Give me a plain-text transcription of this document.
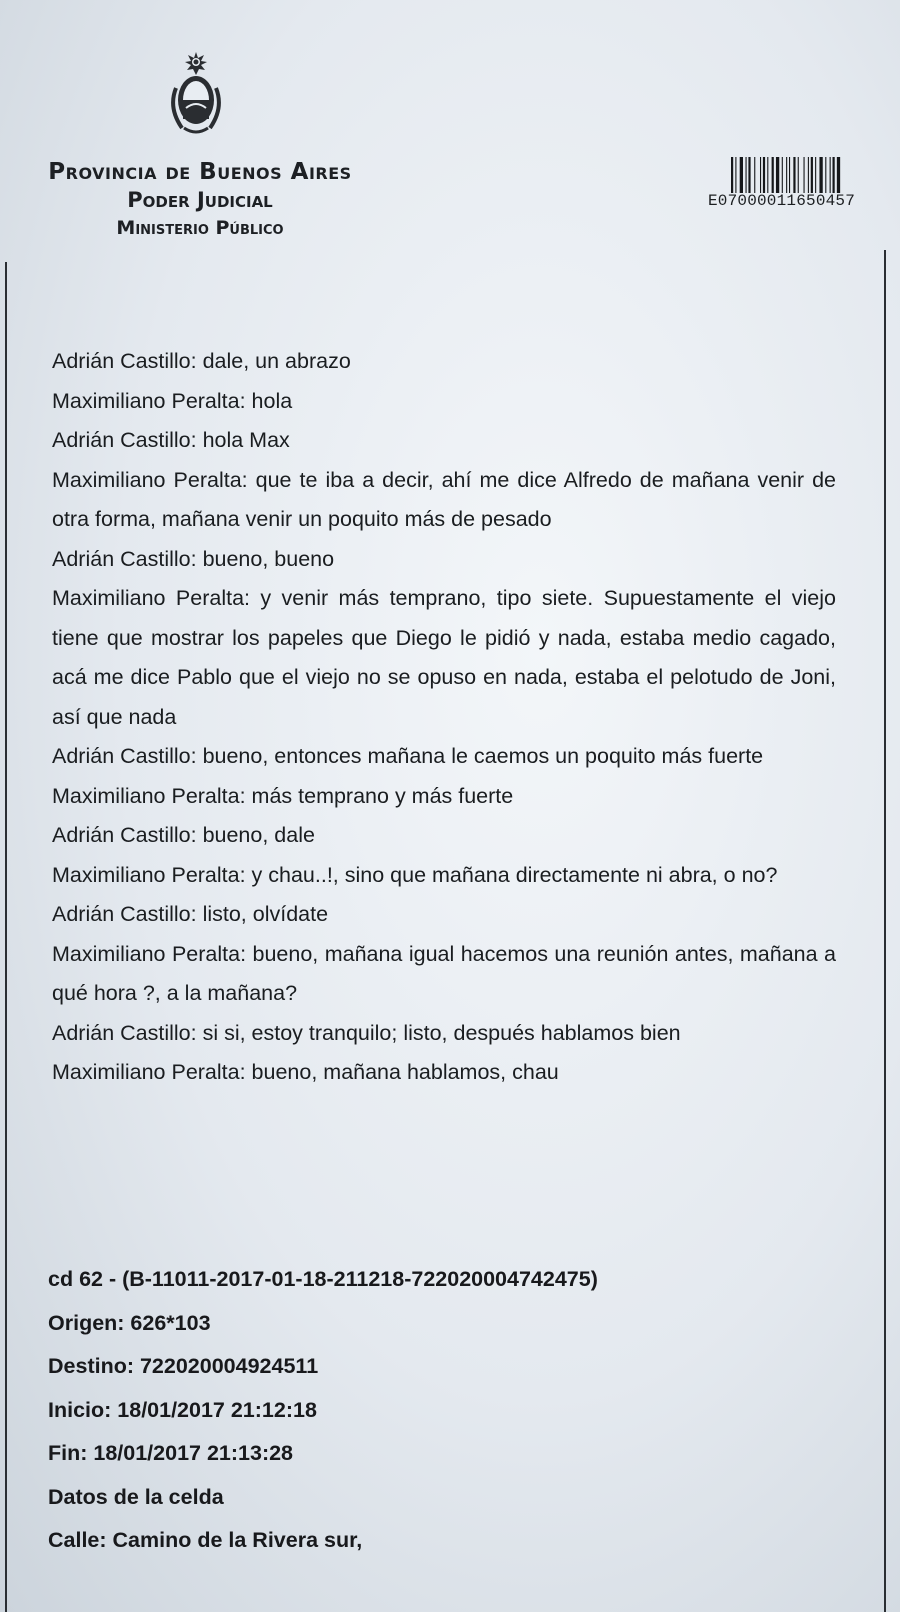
Provincia de Buenos Aires
Poder Judicial
Ministerio Público
E07000011650457
Adrián Castillo: dale, un abrazo
Maximiliano Peralta: hola
Adrián Castillo: hola Max
Maximiliano Peralta: que te iba a decir, ahí me dice Alfredo de mañana venir de otra forma, mañana venir un poquito más de pesado
Adrián Castillo: bueno, bueno
Maximiliano Peralta: y venir más temprano, tipo siete. Supuestamente el viejo tiene que mostrar los papeles que Diego le pidió y nada, estaba medio cagado, acá me dice Pablo que el viejo no se opuso en nada, estaba el pelotudo de Joni, así que nada
Adrián Castillo: bueno, entonces mañana le caemos un poquito más fuerte
Maximiliano Peralta: más temprano y más fuerte
Adrián Castillo: bueno, dale
Maximiliano Peralta: y chau..!, sino que mañana directamente ni abra, o no?
Adrián Castillo: listo, olvídate
Maximiliano Peralta: bueno, mañana igual hacemos una reunión antes, mañana a qué hora ?, a la mañana?
Adrián Castillo: si si, estoy tranquilo; listo, después hablamos bien
Maximiliano Peralta: bueno, mañana hablamos, chau
cd 62 - (B-11011-2017-01-18-211218-722020004742475)
Origen: 626*103
Destino: 722020004924511
Inicio: 18/01/2017 21:12:18
Fin: 18/01/2017 21:13:28
Datos de la celda
Calle: Camino de la Rivera sur,
